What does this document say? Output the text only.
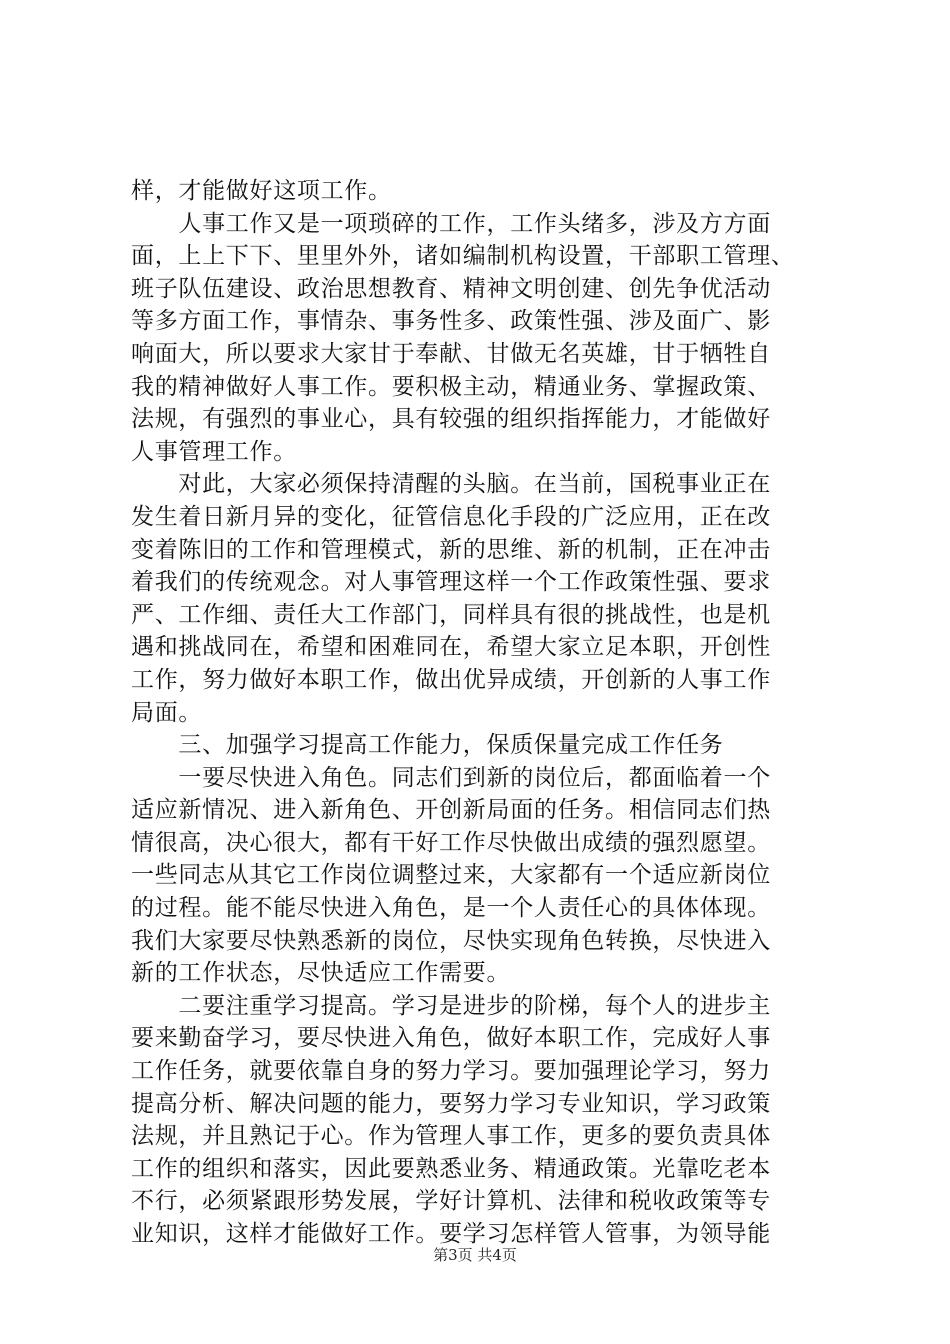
样，才能做好这项工作。

　　人事工作又是一项琐碎的工作，工作头绪多，涉及方方面
面，上上下下、里里外外，诸如编制机构设置，干部职工管理、
班子队伍建设、政治思想教育、精神文明创建、创先争优活动
等多方面工作，事情杂、事务性多、政策性强、涉及面广、影
响面大，所以要求大家甘于奉献、甘做无名英雄，甘于牺牲自
我的精神做好人事工作。要积极主动，精通业务、掌握政策、
法规，有强烈的事业心，具有较强的组织指挥能力，才能做好
人事管理工作。

　　对此，大家必须保持清醒的头脑。在当前，国税事业正在
发生着日新月异的变化，征管信息化手段的广泛应用，正在改
变着陈旧的工作和管理模式，新的思维、新的机制，正在冲击
着我们的传统观念。对人事管理这样一个工作政策性强、要求
严、工作细、责任大工作部门，同样具有很的挑战性，也是机
遇和挑战同在，希望和困难同在，希望大家立足本职，开创性
工作，努力做好本职工作，做出优异成绩，开创新的人事工作
局面。

　　三、加强学习提高工作能力，保质保量完成工作任务

　　一要尽快进入角色。同志们到新的岗位后，都面临着一个
适应新情况、进入新角色、开创新局面的任务。相信同志们热
情很高，决心很大，都有干好工作尽快做出成绩的强烈愿望。
一些同志从其它工作岗位调整过来，大家都有一个适应新岗位
的过程。能不能尽快进入角色，是一个人责任心的具体体现。
我们大家要尽快熟悉新的岗位，尽快实现角色转换，尽快进入
新的工作状态，尽快适应工作需要。

　　二要注重学习提高。学习是进步的阶梯，每个人的进步主
要来勤奋学习，要尽快进入角色，做好本职工作，完成好人事
工作任务，就要依靠自身的努力学习。要加强理论学习，努力
提高分析、解决问题的能力，要努力学习专业知识，学习政策
法规，并且熟记于心。作为管理人事工作，更多的要负责具体
工作的组织和落实，因此要熟悉业务、精通政策。光靠吃老本
不行，必须紧跟形势发展，学好计算机、法律和税收政策等专
业知识，这样才能做好工作。要学习怎样管人管事，为领导能

第3页 共4页
